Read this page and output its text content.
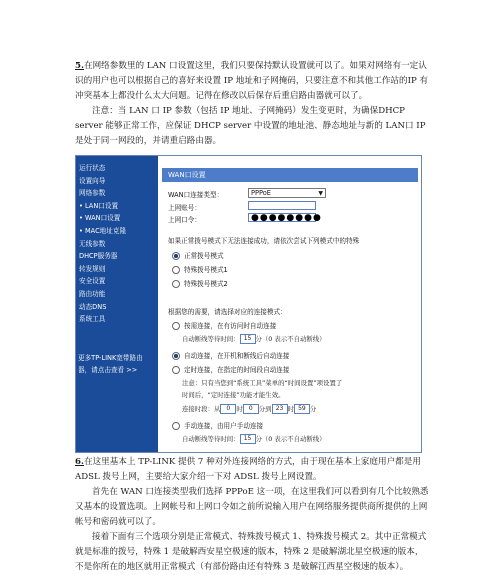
5.在网络参数里的 LAN 口设置这里，我们只要保持默认设置就可以了。如果对网络有一定认识的用户也可以根据自己的喜好来设置 IP 地址和子网掩码，只要注意不和其他工作站的IP 有冲突基本上都没什么太大问题。记得在修改以后保存后重启路由器就可以了。

注意：当 LAN 口 IP 参数（包括 IP 地址、子网掩码）发生变更时，为确保DHCP server 能够正常工作，应保证 DHCP server 中设置的地址池、静态地址与新的 LAN口 IP 是处于同一网段的，并请重启路由器。

运行状态
设置向导
网络参数
• LAN口设置
• WAN口设置
• MAC地址克隆
无线参数
DHCP服务器
转发规则
安全设置
路由功能
动态DNS
系统工具
更多TP-LINK宽带路由
器，请点击查看 >>
WAN口设置
WAN口连接类型：	PPPoE	▼
上网账号：
上网口令：	●●●●●●●●
如果正常拨号模式下无法连接成功，请依次尝试下列模式中的特殊
正常拨号模式
特殊拨号模式1
特殊拨号模式2
根据您的需要，请选择对应的连接模式：
按需连接，在有访问时自动连接
自动断线等待时间： 15 分（0 表示不自动断线）
自动连接，在开机和断线后自动连接
定时连接，在指定的时间段自动连接
注意：只有当您到“系统工具”菜单的“时间设置”项设置了
时间后，“定时连接”功能才能生效。
连接时段：从 0 时 0 分到 23 时 59 分
手动连接，由用户手动连接
自动断线等待时间： 15 分（0 表示不自动断线）

6.在这里基本上 TP-LINK 提供 7 种对外连接网络的方式，由于现在基本上家庭用户都是用ADSL 拨号上网，主要给大家介绍一下对 ADSL 拨号上网设置。

首先在 WAN 口连接类型我们选择 PPPoE 这一项，在这里我们可以看到有几个比较熟悉又基本的设置选项。上网帐号和上网口令如之前所说输入用户在网络服务提供商所提供的上网帐号和密码就可以了。

接着下面有三个选项分别是正常模式、特殊拨号模式 1、特殊拨号模式 2。其中正常模式就是标准的拨号，特殊 1 是破解西安星空极速的版本，特殊 2 是破解湖北星空极速的版本，不是你所在的地区就用正常模式（有部份路由还有特殊 3 是破解江西星空极速的版本）。
